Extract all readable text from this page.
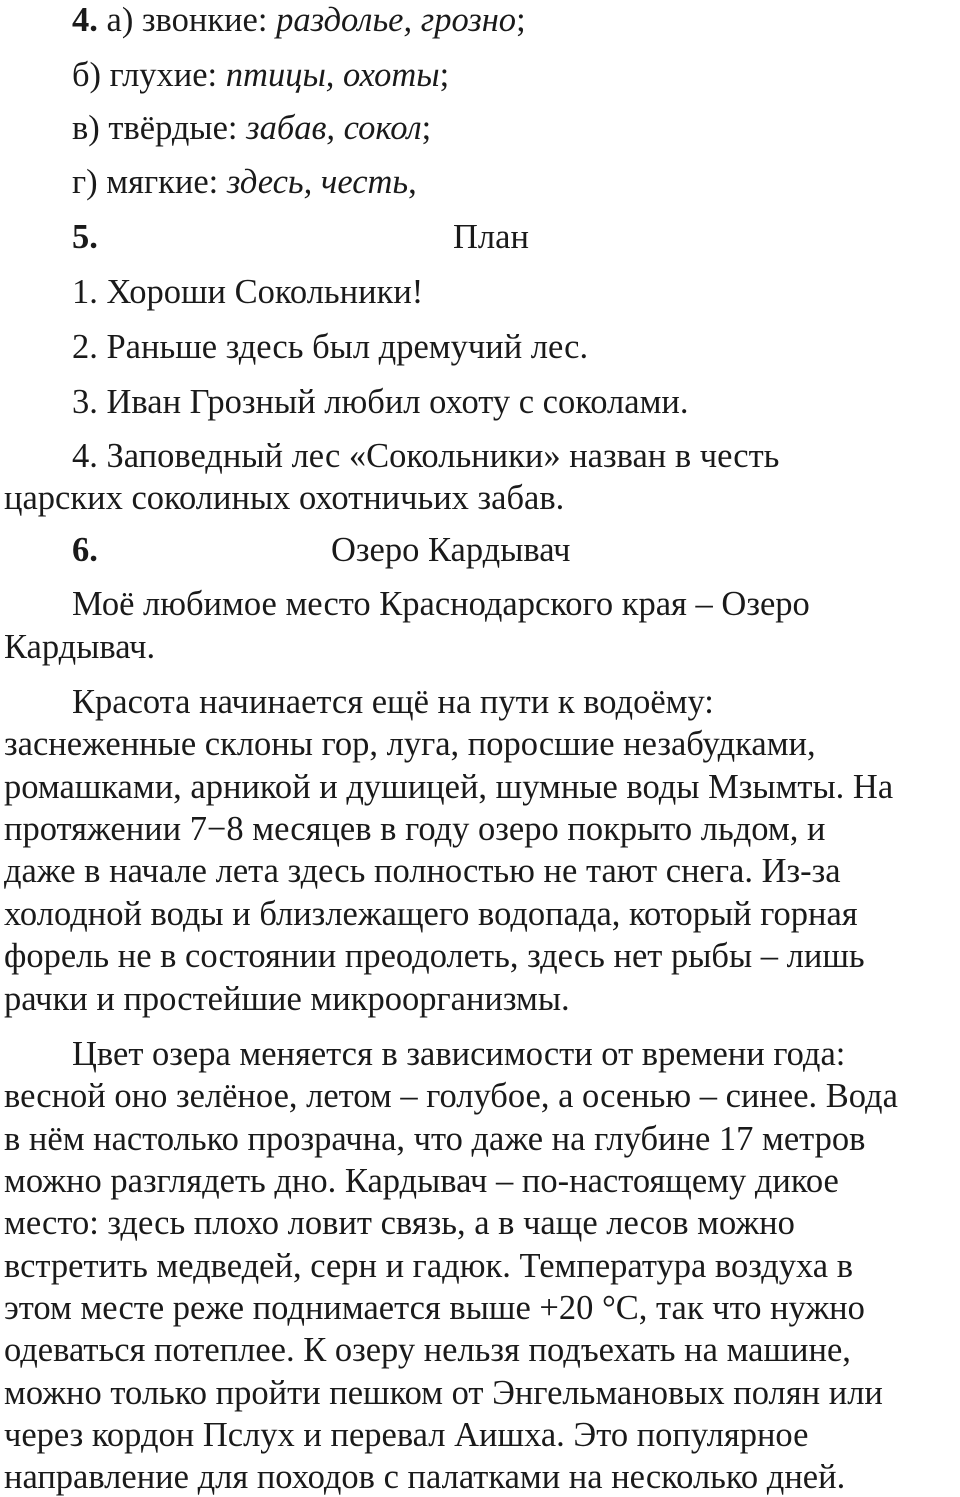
4. а) звонкие: раздолье, грозно;
б) глухие: птицы, охоты;
в) твёрдые: забав, сокол;
г) мягкие: здесь, честь,
5.	План
1. Хороши Сокольники!
2. Раньше здесь был дремучий лес.
3. Иван Грозный любил охоту с соколами.
4. Заповедный лес «Сокольники» назван в честь
царских соколиных охотничьих забав.
6.	Озеро Кардывач
Моё любимое место Краснодарского края – Озеро
Кардывач.
Красота начинается ещё на пути к водоёму:
заснеженные склоны гор, луга, поросшие незабудками,
ромашками, арникой и душицей, шумные воды Мзымты. На
протяжении 7−8 месяцев в году озеро покрыто льдом, и
даже в начале лета здесь полностью не тают снега. Из-за
холодной воды и близлежащего водопада, который горная
форель не в состоянии преодолеть, здесь нет рыбы – лишь
рачки и простейшие микроорганизмы.
Цвет озера меняется в зависимости от времени года:
весной оно зелёное, летом – голубое, а осенью – синее. Вода
в нём настолько прозрачна, что даже на глубине 17 метров
можно разглядеть дно. Кардывач – по-настоящему дикое
место: здесь плохо ловит связь, а в чаще лесов можно
встретить медведей, серн и гадюк. Температура воздуха в
этом месте реже поднимается выше +20 °С, так что нужно
одеваться потеплее. К озеру нельзя подъехать на машине,
можно только пройти пешком от Энгельмановых полян или
через кордон Пслух и перевал Аишха. Это популярное
направление для походов с палатками на несколько дней.
